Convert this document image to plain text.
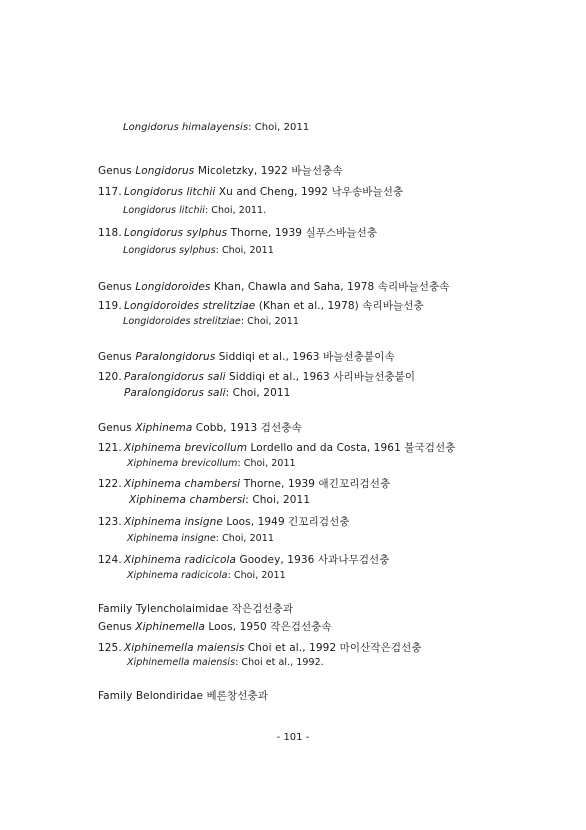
Longidorus himalayensis: Choi, 2011
Genus Longidorus Micoletzky, 1922 바늘선충속
117. Longidorus litchii Xu and Cheng, 1992 낙우송바늘선충
Longidorus litchii: Choi, 2011.
118. Longidorus sylphus Thorne, 1939 실푸스바늘선충
Longidorus sylphus: Choi, 2011
Genus Longidoroides Khan, Chawla and Saha, 1978 속리바늘선충속
119. Longidoroides strelitziae (Khan et al., 1978) 속리바늘선충
Longidoroides strelitziae: Choi, 2011
Genus Paralongidorus Siddiqi et al., 1963 바늘선충붙이속
120. Paralongidorus sali Siddiqi et al., 1963 사리바늘선충붙이
Paralongidorus sali: Choi, 2011
Genus Xiphinema Cobb, 1913 검선충속
121. Xiphinema brevicollum Lordello and da Costa, 1961 불국검선충
Xiphinema brevicollum: Choi, 2011
122. Xiphinema chambersi Thorne, 1939 애긴꼬리검선충
Xiphinema chambersi: Choi, 2011
123. Xiphinema insigne Loos, 1949 긴꼬리검선충
Xiphinema insigne: Choi, 2011
124. Xiphinema radicicola Goodey, 1936 사과나무검선충
Xiphinema radicicola: Choi, 2011
Family Tylencholaimidae 작은검선충과
Genus Xiphinemella Loos, 1950 작은검선충속
125. Xiphinemella maiensis Choi et al., 1992 마이산작은검선충
Xiphinemella maiensis: Choi et al., 1992.
Family Belondiridae 베론창선충과
- 101 -
